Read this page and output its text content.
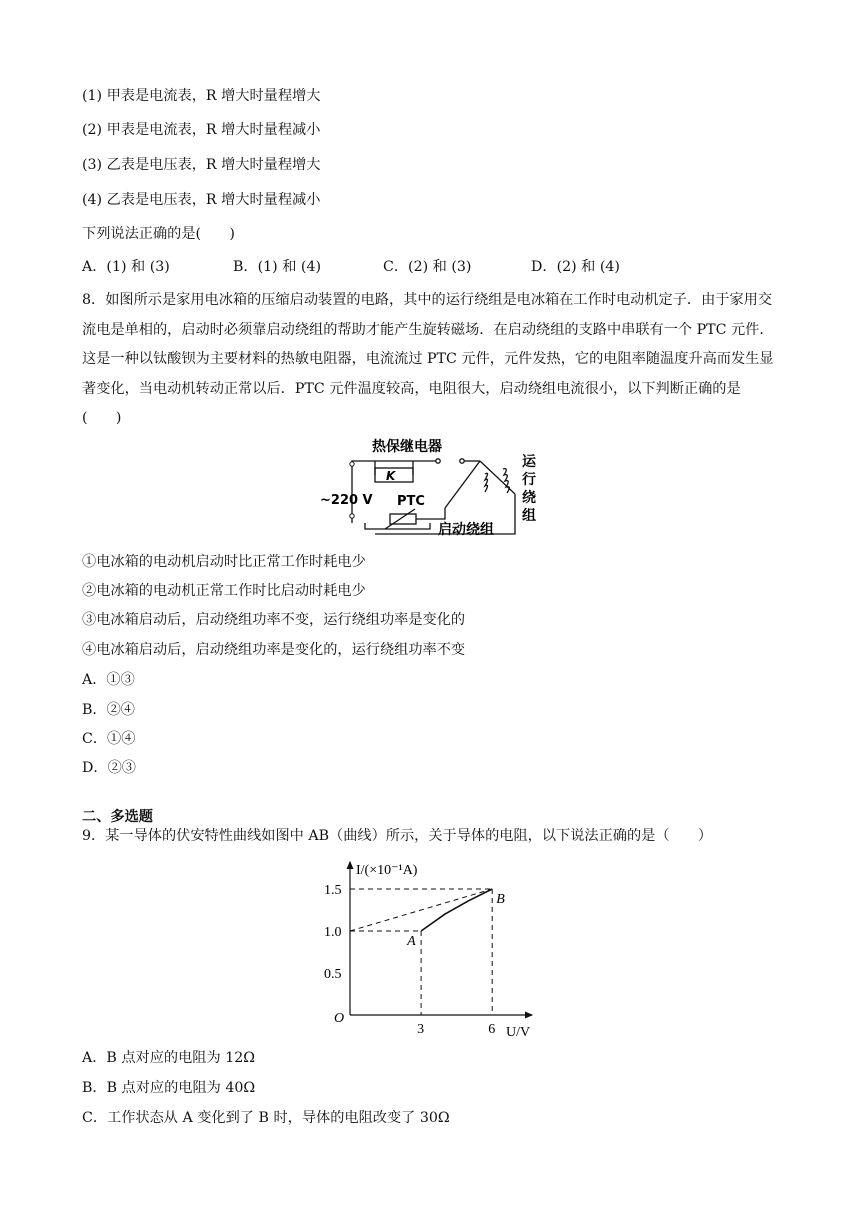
(1) 甲表是电流表，R 增大时量程增大
(2) 甲表是电流表，R 增大时量程减小
(3) 乙表是电压表，R 增大时量程增大
(4) 乙表是电压表，R 增大时量程减小
下列说法正确的是(　　)
A．(1) 和 (3)	B．(1) 和 (4)	C．(2) 和 (3)	D．(2) 和 (4)
8．如图所示是家用电冰箱的压缩启动装置的电路，其中的运行绕组是电冰箱在工作时电动机定子．由于家用交流电是单相的，启动时必须靠启动绕组的帮助才能产生旋转磁场．在启动绕组的支路中串联有一个 PTC 元件．这是一种以钛酸钡为主要材料的热敏电阻器，电流流过 PTC 元件，元件发热，它的电阻率随温度升高而发生显著变化，当电动机转动正常以后．PTC 元件温度较高，电阻很大，启动绕组电流很小，以下判断正确的是(　　)
热保继电器
K
~220 V PTC
启动绕组
运
行
绕
组
①电冰箱的电动机启动时比正常工作时耗电少
②电冰箱的电动机正常工作时比启动时耗电少
③电冰箱启动后，启动绕组功率不变，运行绕组功率是变化的
④电冰箱启动后，启动绕组功率是变化的，运行绕组功率不变
A．①③
B．②④
C．①④
D．②③
二、多选题
9．某一导体的伏安特性曲线如图中 AB（曲线）所示，关于导体的电阻，以下说法正确的是（　　）
I/(×10⁻¹A)
U/V
O
0.5
1.0
1.5
3	6
A
B
A．B 点对应的电阻为 12Ω
B．B 点对应的电阻为 40Ω
C．工作状态从 A 变化到了 B 时，导体的电阻改变了 30Ω
